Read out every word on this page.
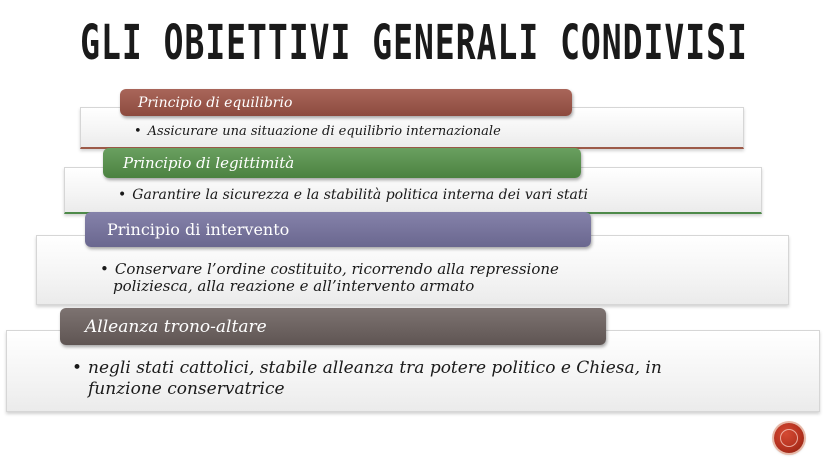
GLI OBIETTIVI GENERALI CONDIVISI
• Assicurare una situazione di equilibrio internazionale
Principio di equilibrio
• Garantire la sicurezza e la stabilità politica interna dei vari stati
Principio di legittimità
• Conservare l’ordine costituito, ricorrendo alla repressione
poliziesca, alla reazione e all’intervento armato
Principio di intervento
• negli stati cattolici, stabile alleanza tra potere politico e Chiesa, in
funzione conservatrice
Alleanza trono-altare
